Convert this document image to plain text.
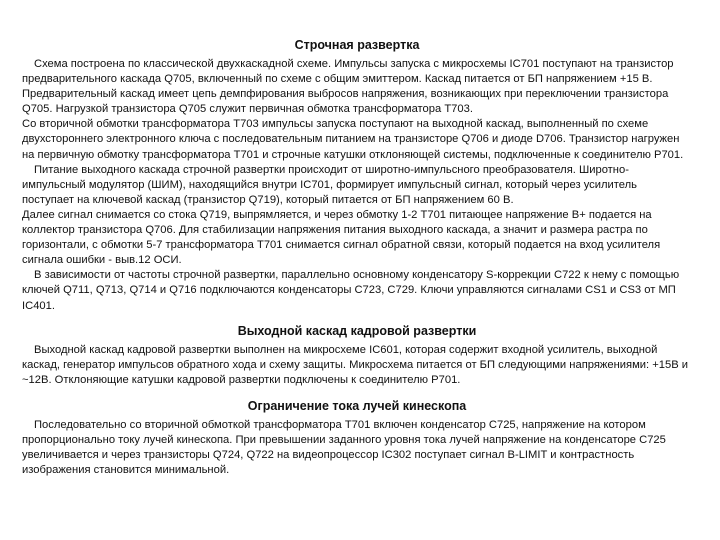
Строчная развертка

Схема построена по классической двухкаскадной схеме. Импульсы запуска с микросхемы IC701 поступают на транзистор предварительного каскада Q705, включенный по схеме с общим эмиттером. Каскад питается от БП напряжением +15 В. Предварительный каскад имеет цепь демпфирования выбросов напряжения, возникающих при переключении транзистора Q705. Нагрузкой транзистора Q705 служит первичная обмотка трансформатора T703.

Со вторичной обмотки трансформатора T703 импульсы запуска поступают на выходной каскад, выполненный по схеме двухстороннего электронного ключа с последовательным питанием на транзисторе Q706 и диоде D706. Транзистор нагружен на первичную обмотку трансформатора T701 и строчные катушки отклоняющей системы, подключенные к соединителю P701.

Питание выходного каскада строчной развертки происходит от широтно-импульсного преобразователя. Широтно-импульсный модулятор (ШИМ), находящийся внутри IC701, формирует импульсный сигнал, который через усилитель поступает на ключевой каскад (транзистор Q719), который питается от БП напряжением 60 В.

Далее сигнал снимается со стока Q719, выпрямляется, и через обмотку 1-2 T701 питающее напряжение В+ подается на коллектор транзистора Q706. Для стабилизации напряжения питания выходного каскада, а значит и размера растра по горизонтали, с обмотки 5-7 трансформатора T701 снимается сигнал обратной связи, который подается на вход усилителя сигнала ошибки - выв.12 ОСИ.

В зависимости от частоты строчной развертки, параллельно основному конденсатору S-коррекции C722 к нему с помощью ключей Q711, Q713, Q714 и Q716 подключаются конденсаторы C723, C729. Ключи управляются сигналами CS1 и CS3 от МП IC401.

Выходной каскад кадровой развертки

Выходной каскад кадровой развертки выполнен на микросхеме IC601, которая содержит входной усилитель, выходной каскад, генератор импульсов обратного хода и схему защиты. Микросхема питается от БП следующими напряжениями: +15В и ~12В. Отклоняющие катушки кадровой развертки подключены к соединителю P701.

Ограничение тока лучей кинескопа

Последовательно со вторичной обмоткой трансформатора T701 включен конденсатор C725, напряжение на котором пропорционально току лучей кинескопа. При превышении заданного уровня тока лучей напряжение на конденсаторе C725 увеличивается и через транзисторы Q724, Q722 на видеопроцессор IC302 поступает сигнал B-LIMIT и контрастность изображения становится минимальной.
